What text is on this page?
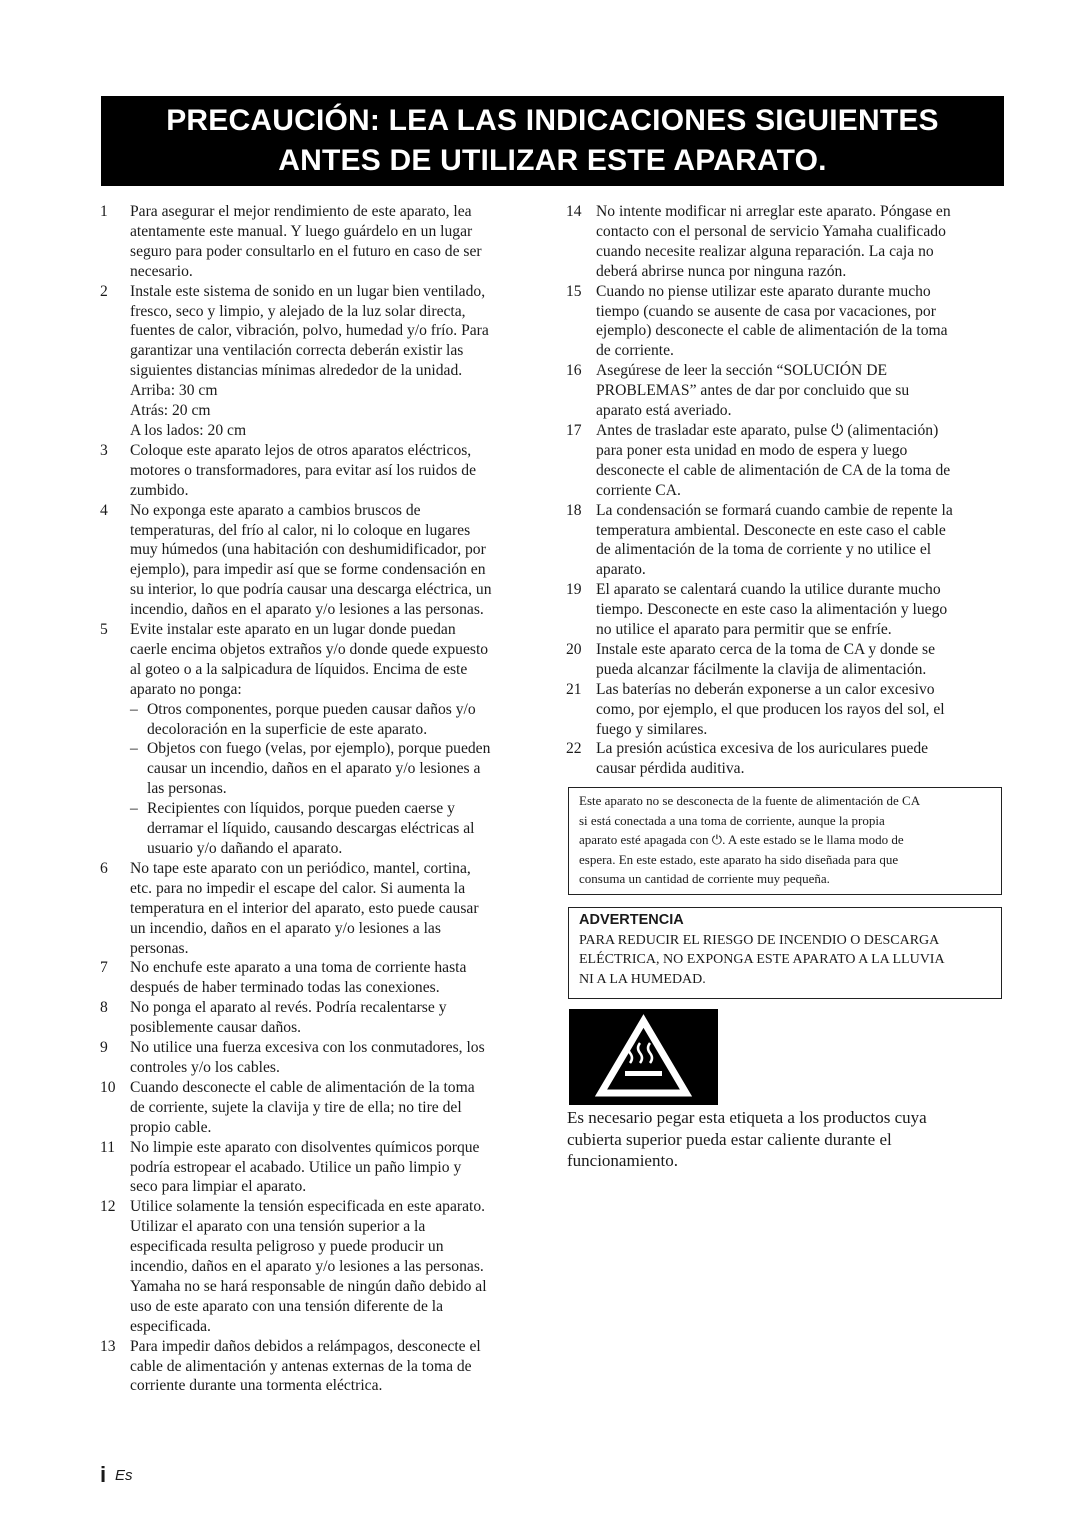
PRECAUCIÓN: LEA LAS INDICACIONES SIGUIENTES ANTES DE UTILIZAR ESTE APARATO.
1	Para asegurar el mejor rendimiento de este aparato, lea
atentamente este manual. Y luego guárdelo en un lugar
seguro para poder consultarlo en el futuro en caso de ser
necesario.
2	Instale este sistema de sonido en un lugar bien ventilado,
fresco, seco y limpio, y alejado de la luz solar directa,
fuentes de calor, vibración, polvo, humedad y/o frío. Para
garantizar una ventilación correcta deberán existir las
siguientes distancias mínimas alrededor de la unidad.
Arriba: 30 cm
Atrás: 20 cm
A los lados: 20 cm
3	Coloque este aparato lejos de otros aparatos eléctricos,
motores o transformadores, para evitar así los ruidos de
zumbido.
4	No exponga este aparato a cambios bruscos de
temperaturas, del frío al calor, ni lo coloque en lugares
muy húmedos (una habitación con deshumidificador, por
ejemplo), para impedir así que se forme condensación en
su interior, lo que podría causar una descarga eléctrica, un
incendio, daños en el aparato y/o lesiones a las personas.
5	Evite instalar este aparato en un lugar donde puedan
caerle encima objetos extraños y/o donde quede expuesto
al goteo o a la salpicadura de líquidos. Encima de este
aparato no ponga:
– Otros componentes, porque pueden causar daños y/o
decoloración en la superficie de este aparato.
– Objetos con fuego (velas, por ejemplo), porque pueden
causar un incendio, daños en el aparato y/o lesiones a
las personas.
– Recipientes con líquidos, porque pueden caerse y
derramar el líquido, causando descargas eléctricas al
usuario y/o dañando el aparato.
6	No tape este aparato con un periódico, mantel, cortina,
etc. para no impedir el escape del calor. Si aumenta la
temperatura en el interior del aparato, esto puede causar
un incendio, daños en el aparato y/o lesiones a las
personas.
7	No enchufe este aparato a una toma de corriente hasta
después de haber terminado todas las conexiones.
8	No ponga el aparato al revés. Podría recalentarse y
posiblemente causar daños.
9	No utilice una fuerza excesiva con los conmutadores, los
controles y/o los cables.
10 Cuando desconecte el cable de alimentación de la toma
de corriente, sujete la clavija y tire de ella; no tire del
propio cable.
11 No limpie este aparato con disolventes químicos porque
podría estropear el acabado. Utilice un paño limpio y
seco para limpiar el aparato.
12 Utilice solamente la tensión especificada en este aparato.
Utilizar el aparato con una tensión superior a la
especificada resulta peligroso y puede producir un
incendio, daños en el aparato y/o lesiones a las personas.
Yamaha no se hará responsable de ningún daño debido al
uso de este aparato con una tensión diferente de la
especificada.
13 Para impedir daños debidos a relámpagos, desconecte el
cable de alimentación y antenas externas de la toma de
corriente durante una tormenta eléctrica.
14 No intente modificar ni arreglar este aparato. Póngase en
contacto con el personal de servicio Yamaha cualificado
cuando necesite realizar alguna reparación. La caja no
deberá abrirse nunca por ninguna razón.
15 Cuando no piense utilizar este aparato durante mucho
tiempo (cuando se ausente de casa por vacaciones, por
ejemplo) desconecte el cable de alimentación de la toma
de corriente.
16 Asegúrese de leer la sección “SOLUCIÓN DE
PROBLEMAS” antes de dar por concluido que su
aparato está averiado.
17 Antes de trasladar este aparato, pulse ⏻ (alimentación)
para poner esta unidad en modo de espera y luego
desconecte el cable de alimentación de CA de la toma de
corriente CA.
18 La condensación se formará cuando cambie de repente la
temperatura ambiental. Desconecte en este caso el cable
de alimentación de la toma de corriente y no utilice el
aparato.
19 El aparato se calentará cuando la utilice durante mucho
tiempo. Desconecte en este caso la alimentación y luego
no utilice el aparato para permitir que se enfríe.
20 Instale este aparato cerca de la toma de CA y donde se
pueda alcanzar fácilmente la clavija de alimentación.
21 Las baterías no deberán exponerse a un calor excesivo
como, por ejemplo, el que producen los rayos del sol, el
fuego y similares.
22 La presión acústica excesiva de los auriculares puede
causar pérdida auditiva.
Este aparato no se desconecta de la fuente de alimentación de CA
si está conectada a una toma de corriente, aunque la propia
aparato esté apagada con ⏻. A este estado se le llama modo de
espera. En este estado, este aparato ha sido diseñada para que
consuma un cantidad de corriente muy pequeña.
ADVERTENCIA
PARA REDUCIR EL RIESGO DE INCENDIO O DESCARGA
ELÉCTRICA, NO EXPONGA ESTE APARATO A LA LLUVIA
NI A LA HUMEDAD.
Es necesario pegar esta etiqueta a los productos cuya
cubierta superior pueda estar caliente durante el
funcionamiento.
i Es
